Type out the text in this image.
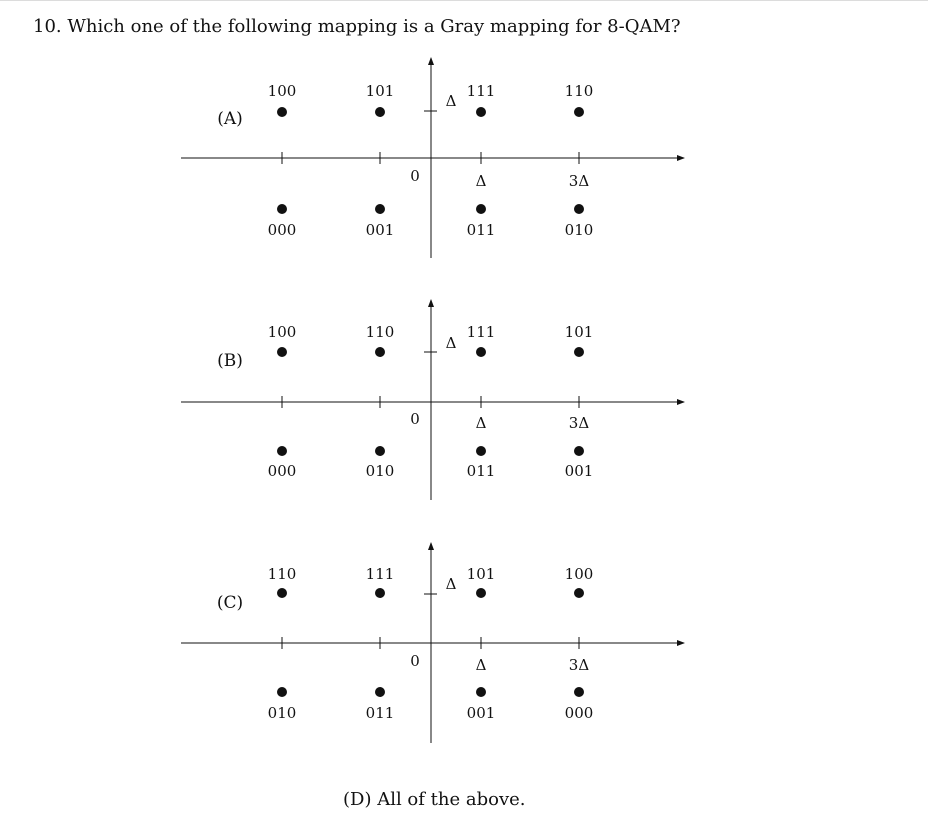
10. Which one of the following mapping is a Gray mapping for 8-QAM?
(A)
0	Δ	3Δ
Δ
100	101	111	110
000	001	011	010
(B)
0	Δ	3Δ
Δ
100	110	111	101
000	010	011	001
(C)
0	Δ	3Δ
Δ
110	111	101	100
010	011	001	000
(D) All of the above.
